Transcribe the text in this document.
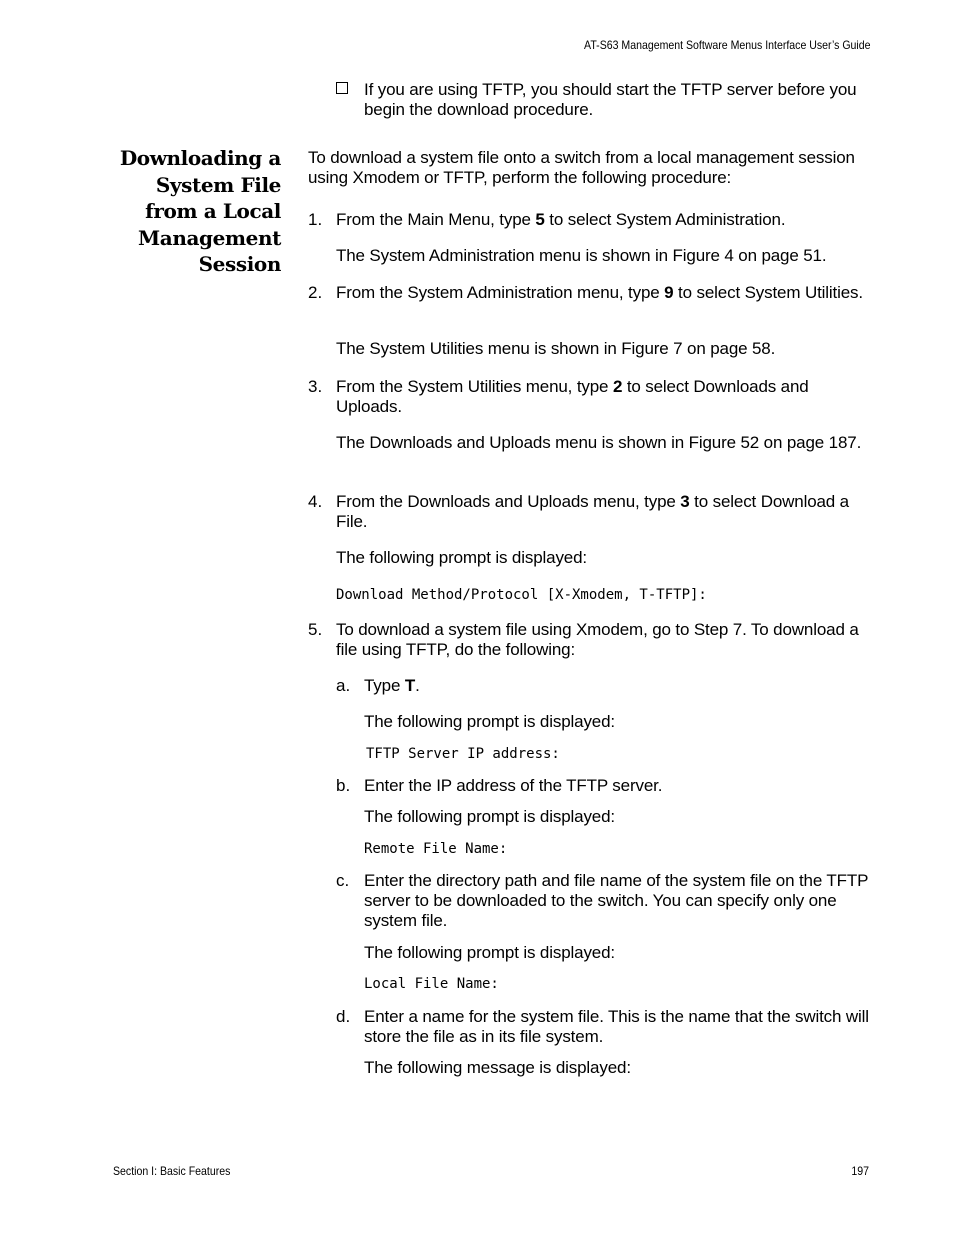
AT-S63 Management Software Menus Interface User’s Guide
If you are using TFTP, you should start the TFTP server before you begin the download procedure.
Downloading a
System File
from a Local
Management
Session
To download a system file onto a switch from a local management session using Xmodem or TFTP, perform the following procedure:
1. From the Main Menu, type 5 to select System Administration.
The System Administration menu is shown in Figure 4 on page 51.
2. From the System Administration menu, type 9 to select System Utilities.
The System Utilities menu is shown in Figure 7 on page 58.
3. From the System Utilities menu, type 2 to select Downloads and Uploads.
The Downloads and Uploads menu is shown in Figure 52 on page 187.
4. From the Downloads and Uploads menu, type 3 to select Download a File.
The following prompt is displayed:
Download Method/Protocol [X-Xmodem, T-TFTP]:
5. To download a system file using Xmodem, go to Step 7. To download a file using TFTP, do the following:
a. Type T.
The following prompt is displayed:
TFTP Server IP address:
b. Enter the IP address of the TFTP server.
The following prompt is displayed:
Remote File Name:
c. Enter the directory path and file name of the system file on the TFTP server to be downloaded to the switch. You can specify only one system file.
The following prompt is displayed:
Local File Name:
d. Enter a name for the system file. This is the name that the switch will store the file as in its file system.
The following message is displayed:
Section I: Basic Features	197
